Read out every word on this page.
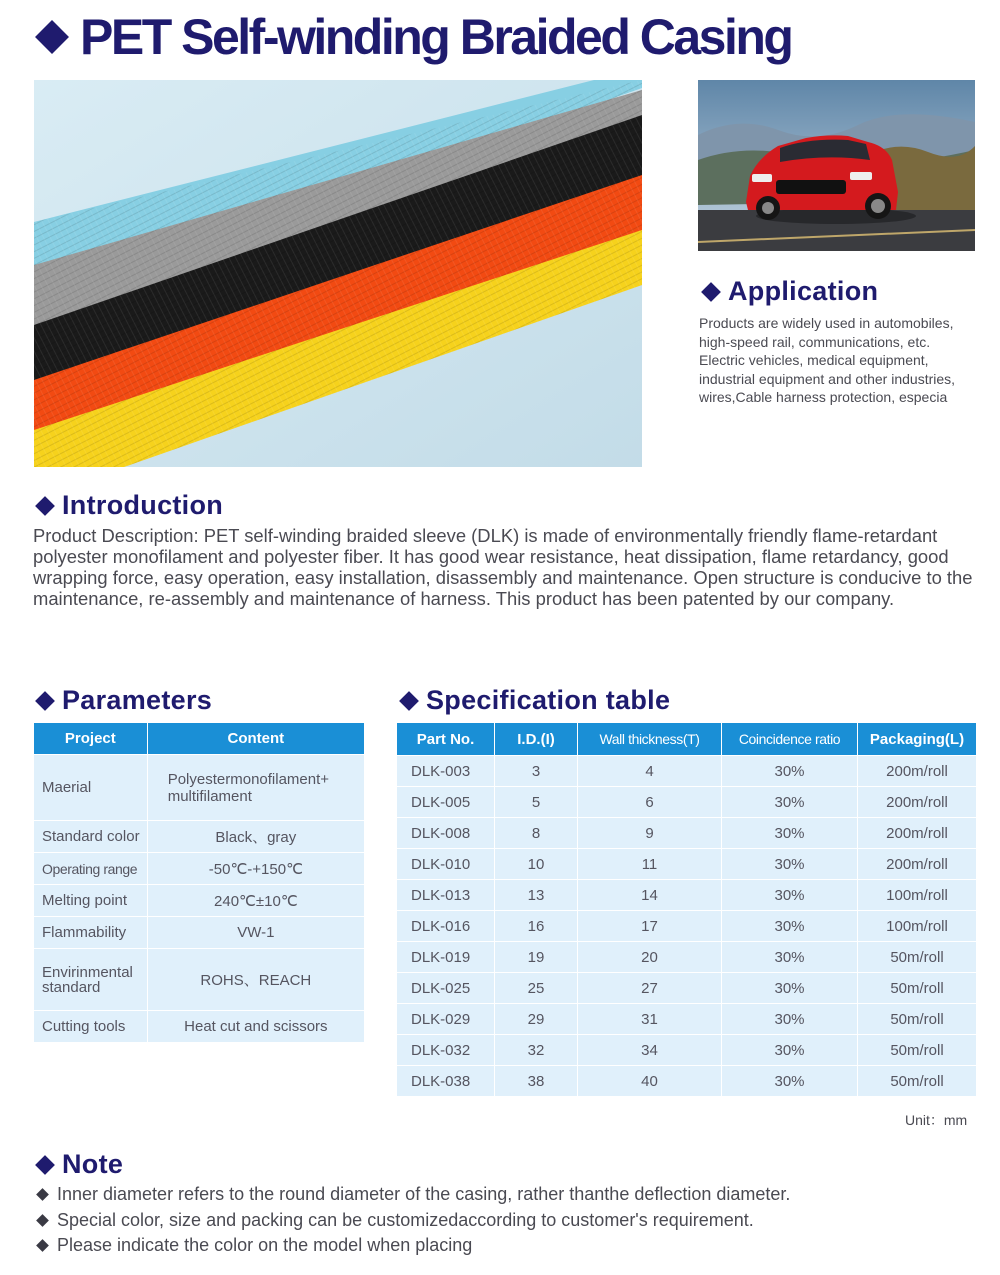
PET Self-winding Braided Casing
Application

Products are widely used in automobiles,
high-speed rail, communications, etc.
Electric vehicles, medical equipment,
industrial equipment and other industries,
wires,Cable harness protection, especia

Introduction

Product Description: PET self-winding braided sleeve (DLK) is made of environmentally friendly flame-retardant polyester monofilament and polyester fiber. It has good wear resistance, heat dissipation, flame retardancy, good wrapping force, easy operation, easy installation, disassembly and maintenance. Open structure is conducive to the maintenance, re-assembly and maintenance of harness. This product has been patented by our company.

Parameters
Project	Content
Maerial	Polyestermonofilament+ multifilament
Standard color	Black、gray
Operating range	-50℃-+150℃
Melting point	240℃±10℃
Flammability	VW-1
Envirinmental standard	ROHS、REACH
Cutting tools	Heat cut and scissors
Specification table
Part No.	I.D.(I)	Wall thickness(T)	Coincidence ratio	Packaging(L)
DLK-003	3	4	30%	200m/roll
DLK-005	5	6	30%	200m/roll
DLK-008	8	9	30%	200m/roll
DLK-010	10	11	30%	200m/roll
DLK-013	13	14	30%	100m/roll
DLK-016	16	17	30%	100m/roll
DLK-019	19	20	30%	50m/roll
DLK-025	25	27	30%	50m/roll
DLK-029	29	31	30%	50m/roll
DLK-032	32	34	30%	50m/roll
DLK-038	38	40	30%	50m/roll
Unit：mm
Note
Inner diameter refers to the round diameter of the casing, rather thanthe deflection diameter.
Special color, size and packing can be customizedaccording to customer's requirement.
Please indicate the color on the model when placing
